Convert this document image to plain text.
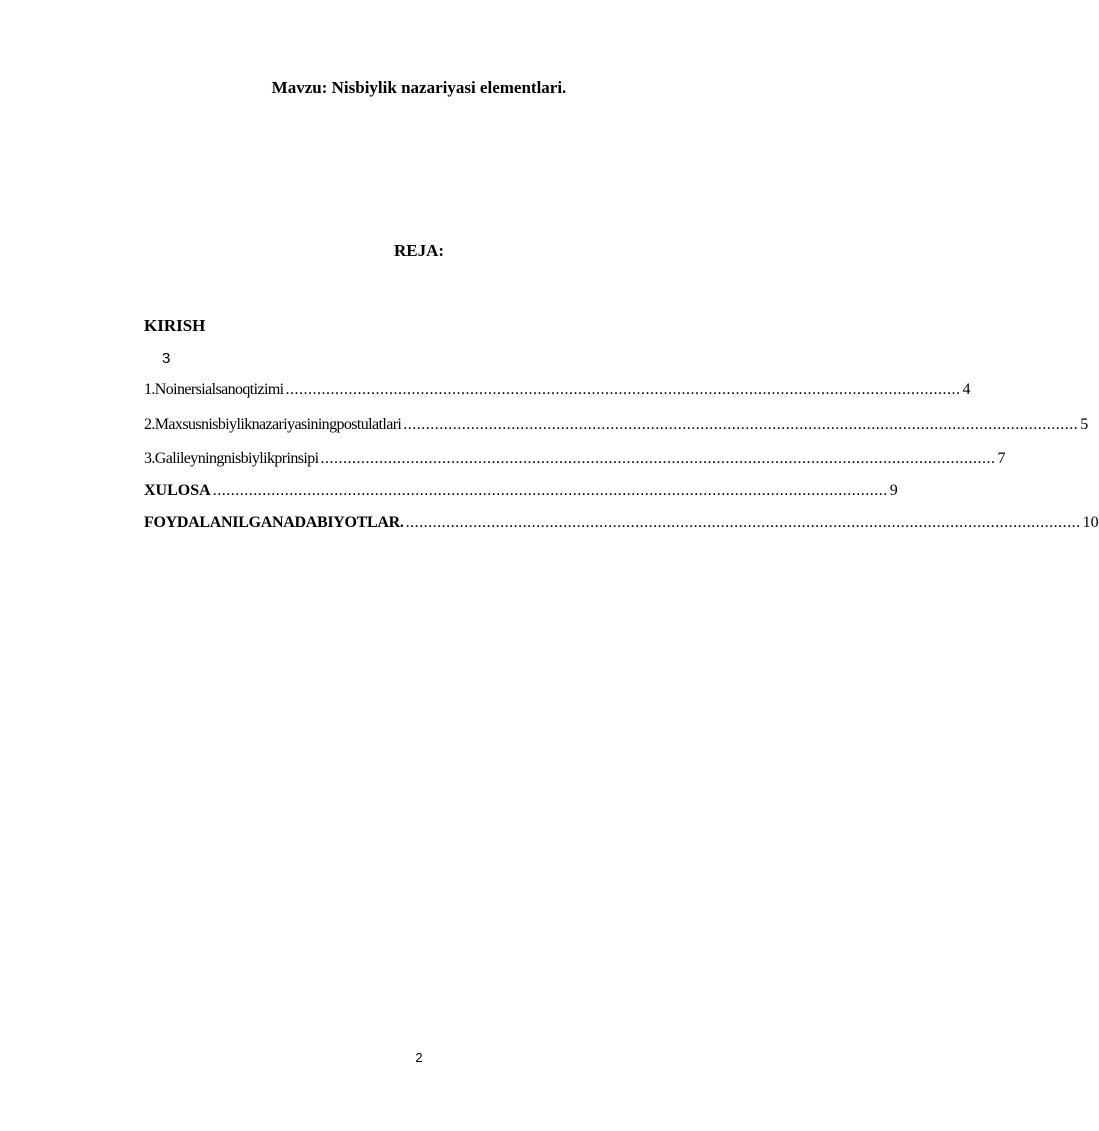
Mavzu: Nisbiylik nazariyasi elementlari.
REJA:
KIRISH
3
1.Noinersialsanoqtizimi ...................................................................................................................................................... 4
2.Maxsusnisbiyliknazariyasiningpostulatlari ...................................................................................................................................................... 5
3.Galileyningnisbiylikprinsipi ...................................................................................................................................................... 7
XULOSA ...................................................................................................................................................... 9
FOYDALANILGANADABIYOTLAR. ...................................................................................................................................................... 10
2
